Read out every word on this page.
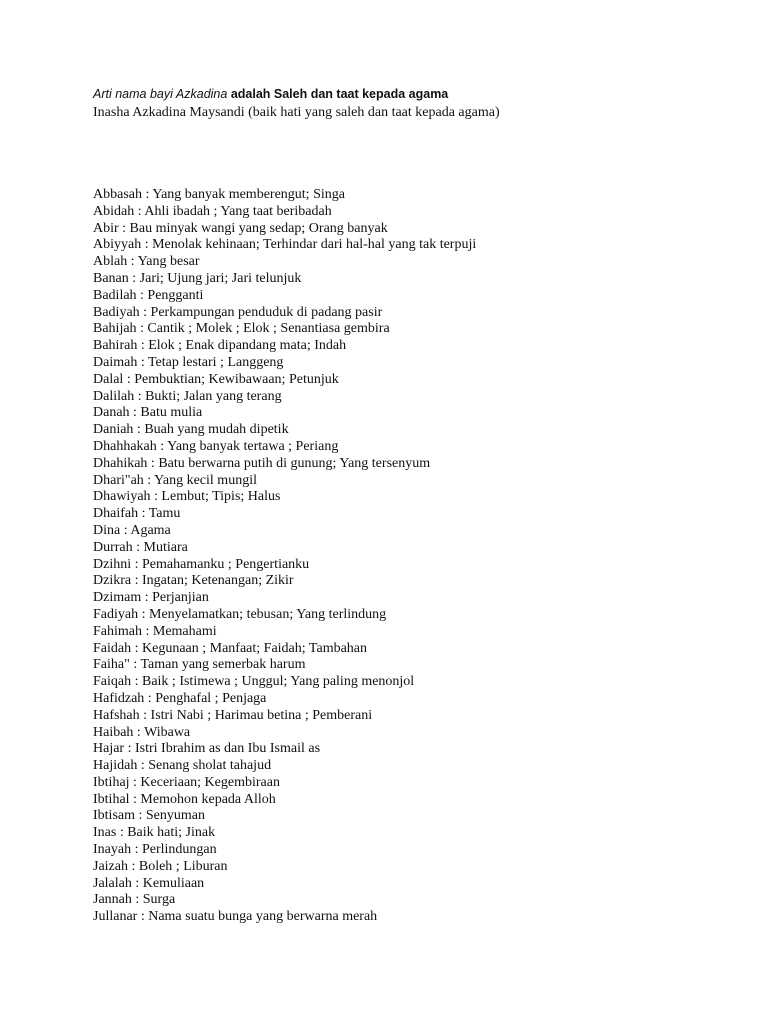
Arti nama bayi Azkadina adalah Saleh dan taat kepada agama
Inasha Azkadina Maysandi (baik hati yang saleh dan taat kepada agama)
Abbasah : Yang banyak memberengut; Singa
Abidah : Ahli ibadah ; Yang taat beribadah
Abir : Bau minyak wangi yang sedap; Orang banyak
Abiyyah : Menolak kehinaan; Terhindar dari hal-hal yang tak terpuji
Ablah : Yang besar
Banan : Jari; Ujung jari; Jari telunjuk
Badilah : Pengganti
Badiyah : Perkampungan penduduk di padang pasir
Bahijah : Cantik ; Molek ; Elok ; Senantiasa gembira
Bahirah : Elok ; Enak dipandang mata; Indah
Daimah : Tetap lestari ; Langgeng
Dalal : Pembuktian; Kewibawaan; Petunjuk
Dalilah : Bukti; Jalan yang terang
Danah : Batu mulia
Daniah : Buah yang mudah dipetik
Dhahhakah : Yang banyak tertawa ; Periang
Dhahikah : Batu berwarna putih di gunung; Yang tersenyum
Dhari"ah : Yang kecil mungil
Dhawiyah : Lembut; Tipis; Halus
Dhaifah : Tamu
Dina : Agama
Durrah : Mutiara
Dzihni : Pemahamanku ; Pengertianku
Dzikra : Ingatan; Ketenangan; Zikir
Dzimam : Perjanjian
Fadiyah : Menyelamatkan; tebusan; Yang terlindung
Fahimah : Memahami
Faidah : Kegunaan ; Manfaat; Faidah; Tambahan
Faiha" : Taman yang semerbak harum
Faiqah : Baik ; Istimewa ; Unggul; Yang paling menonjol
Hafidzah : Penghafal ; Penjaga
Hafshah : Istri Nabi ; Harimau betina ; Pemberani
Haibah : Wibawa
Hajar : Istri Ibrahim as dan Ibu Ismail as
Hajidah : Senang sholat tahajud
Ibtihaj : Keceriaan; Kegembiraan
Ibtihal : Memohon kepada Alloh
Ibtisam : Senyuman
Inas : Baik hati; Jinak
Inayah : Perlindungan
Jaizah : Boleh ; Liburan
Jalalah : Kemuliaan
Jannah : Surga
Jullanar : Nama suatu bunga yang berwarna merah
